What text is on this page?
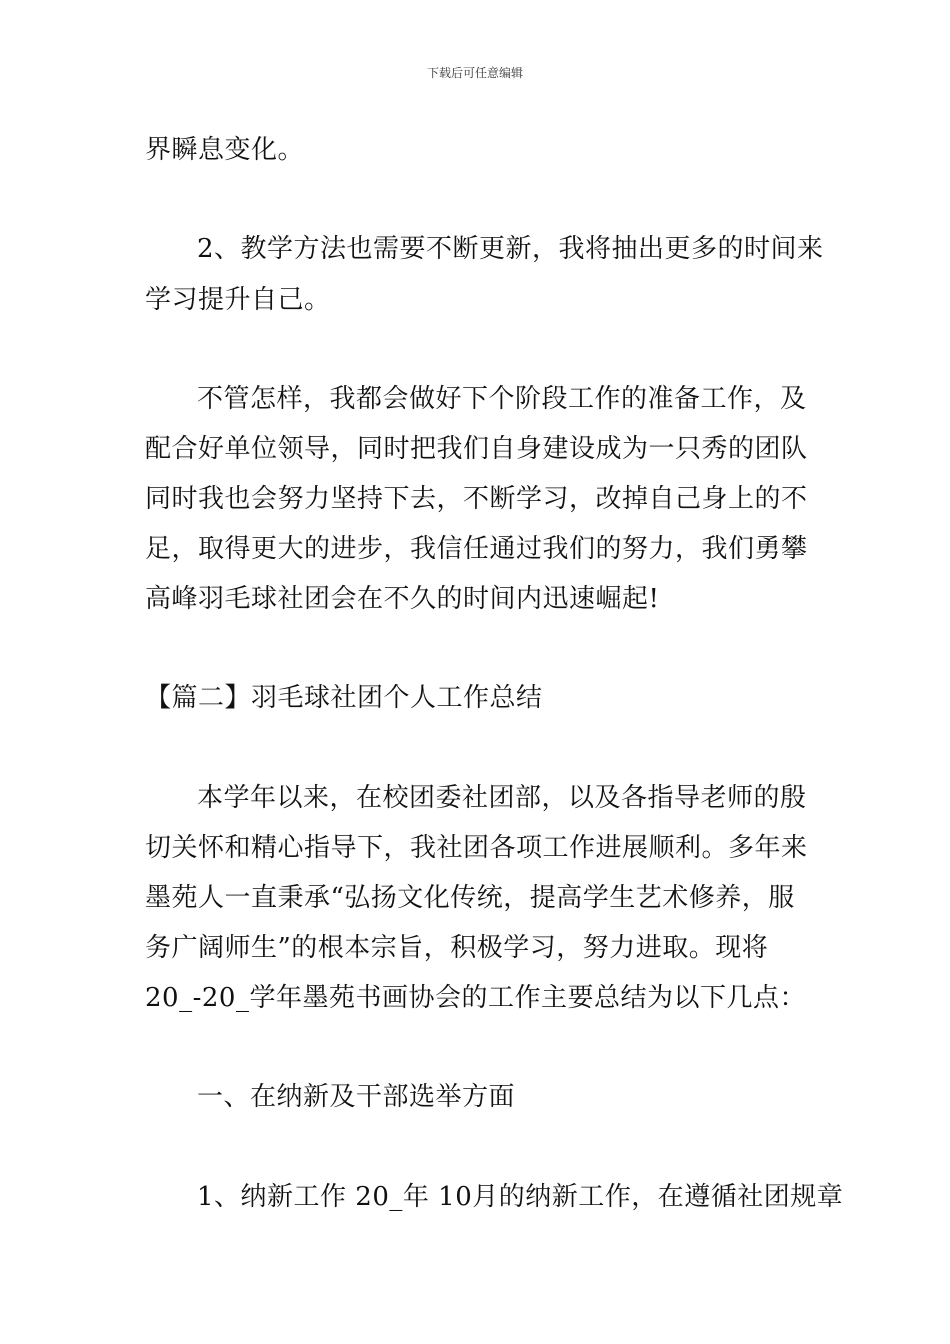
下载后可任意编辑
界瞬息变化。
2、教学方法也需要不断更新，我将抽出更多的时间来
学习提升自己。
不管怎样，我都会做好下个阶段工作的准备工作，及
配合好单位领导，同时把我们自身建设成为一只秀的团队
同时我也会努力坚持下去，不断学习，改掉自己身上的不
足，取得更大的进步，我信任通过我们的努力，我们勇攀
高峰羽毛球社团会在不久的时间内迅速崛起!
【篇二】羽毛球社团个人工作总结
本学年以来，在校团委社团部，以及各指导老师的殷
切关怀和精心指导下，我社团各项工作进展顺利。多年来
墨苑人一直秉承“弘扬文化传统，提高学生艺术修养，服
务广阔师生”的根本宗旨，积极学习，努力进取。现将
20_-20_学年墨苑书画协会的工作主要总结为以下几点：
一、在纳新及干部选举方面
1、纳新工作 20_年 10月的纳新工作，在遵循社团规章
